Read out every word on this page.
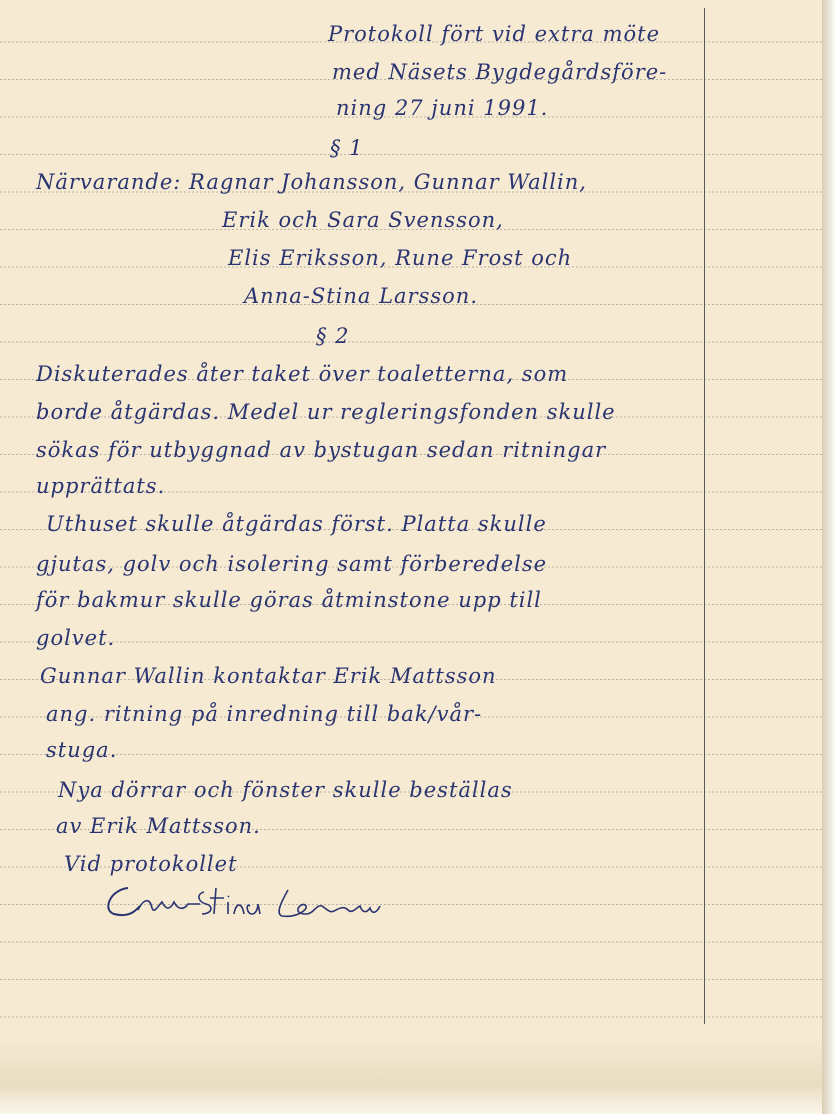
Protokoll fört vid extra möte
med Näsets Bygdegårdsföre-
ning 27 juni 1991.
§ 1
Närvarande: Ragnar Johansson, Gunnar Wallin,
Erik och Sara Svensson,
Elis Eriksson, Rune Frost och
Anna-Stina Larsson.
§ 2
Diskuterades åter taket över toaletterna, som
borde åtgärdas. Medel ur regleringsfonden skulle
sökas för utbyggnad av bystugan sedan ritningar
upprättats.
Uthuset skulle åtgärdas först. Platta skulle
gjutas, golv och isolering samt förberedelse
för bakmur skulle göras åtminstone upp till
golvet.
Gunnar Wallin kontaktar Erik Mattsson
ang. ritning på inredning till bak/vår-
stuga.
Nya dörrar och fönster skulle beställas
av Erik Mattsson.
Vid protokollet
